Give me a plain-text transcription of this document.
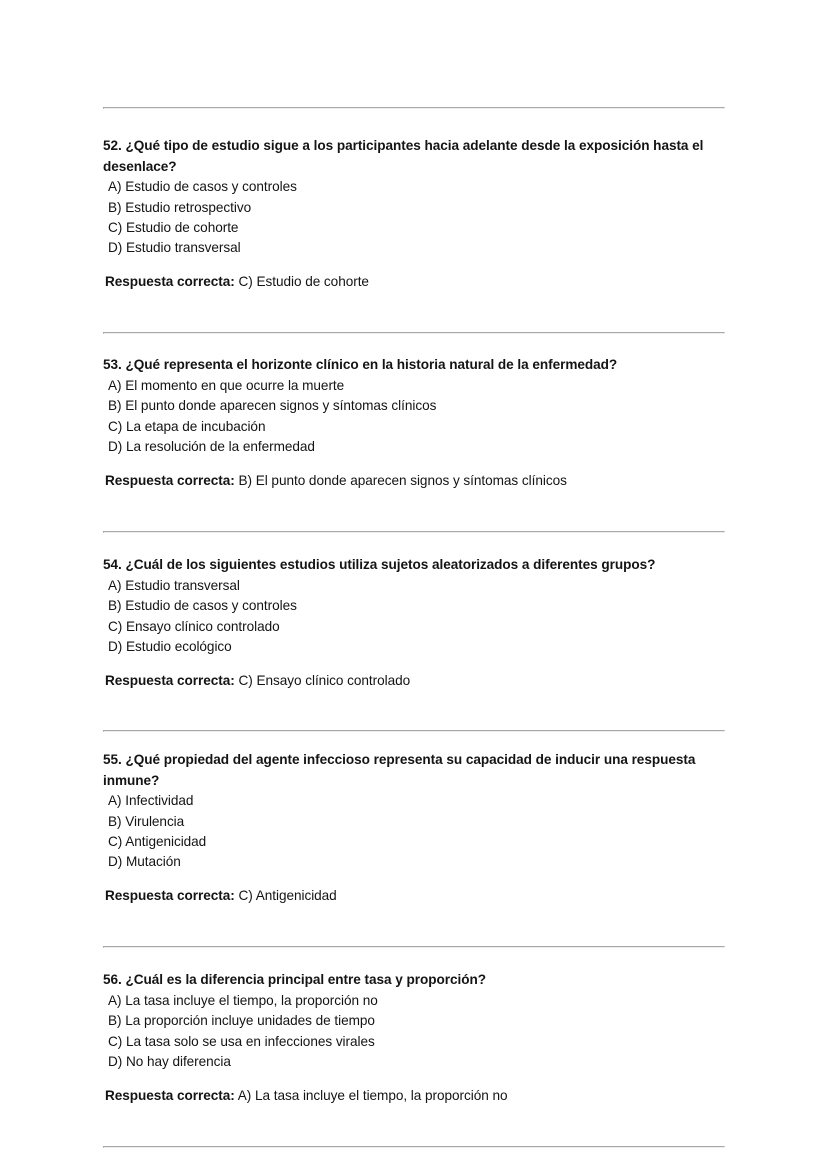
52. ¿Qué tipo de estudio sigue a los participantes hacia adelante desde la exposición hasta el desenlace?

A) Estudio de casos y controles
B) Estudio retrospectivo
C) Estudio de cohorte
D) Estudio transversal

Respuesta correcta: C) Estudio de cohorte

53. ¿Qué representa el horizonte clínico en la historia natural de la enfermedad?

A) El momento en que ocurre la muerte
B) El punto donde aparecen signos y síntomas clínicos
C) La etapa de incubación
D) La resolución de la enfermedad

Respuesta correcta: B) El punto donde aparecen signos y síntomas clínicos

54. ¿Cuál de los siguientes estudios utiliza sujetos aleatorizados a diferentes grupos?

A) Estudio transversal
B) Estudio de casos y controles
C) Ensayo clínico controlado
D) Estudio ecológico

Respuesta correcta: C) Ensayo clínico controlado

55. ¿Qué propiedad del agente infeccioso representa su capacidad de inducir una respuesta inmune?

A) Infectividad
B) Virulencia
C) Antigenicidad
D) Mutación

Respuesta correcta: C) Antigenicidad

56. ¿Cuál es la diferencia principal entre tasa y proporción?

A) La tasa incluye el tiempo, la proporción no
B) La proporción incluye unidades de tiempo
C) La tasa solo se usa en infecciones virales
D) No hay diferencia

Respuesta correcta: A) La tasa incluye el tiempo, la proporción no
